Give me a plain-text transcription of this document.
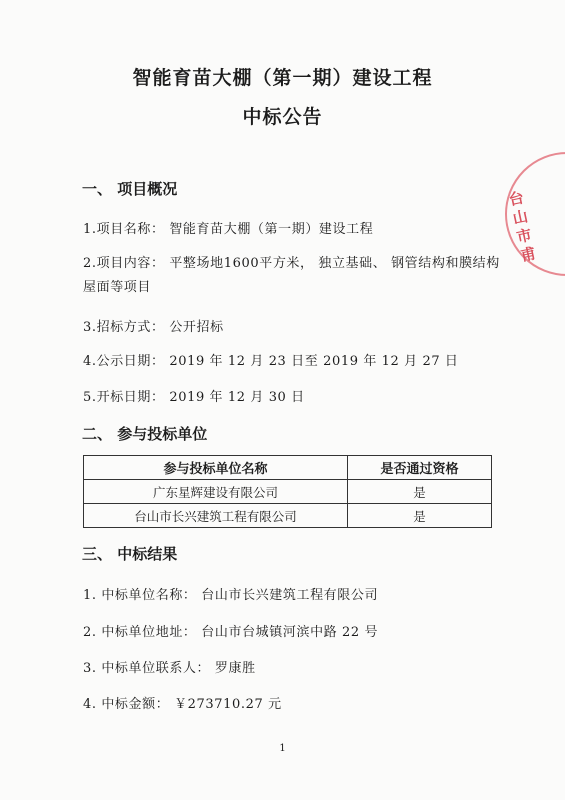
智能育苗大棚（第一期）建设工程
中标公告
台山市甫
一、 项目概况
1.项目名称： 智能育苗大棚（第一期）建设工程
2.项目内容： 平整场地1600平方米， 独立基础、 钢管结构和膜结构屋面等项目
3.招标方式： 公开招标
4.公示日期： 2019 年 12 月 23 日至 2019 年 12 月 27 日
5.开标日期： 2019 年 12 月 30 日
二、 参与投标单位
参与投标单位名称	是否通过资格
广东星辉建设有限公司	是
台山市长兴建筑工程有限公司	是
三、 中标结果
1. 中标单位名称： 台山市长兴建筑工程有限公司
2. 中标单位地址： 台山市台城镇河滨中路 22 号
3. 中标单位联系人： 罗康胜
4. 中标金额： ￥273710.27 元
1
